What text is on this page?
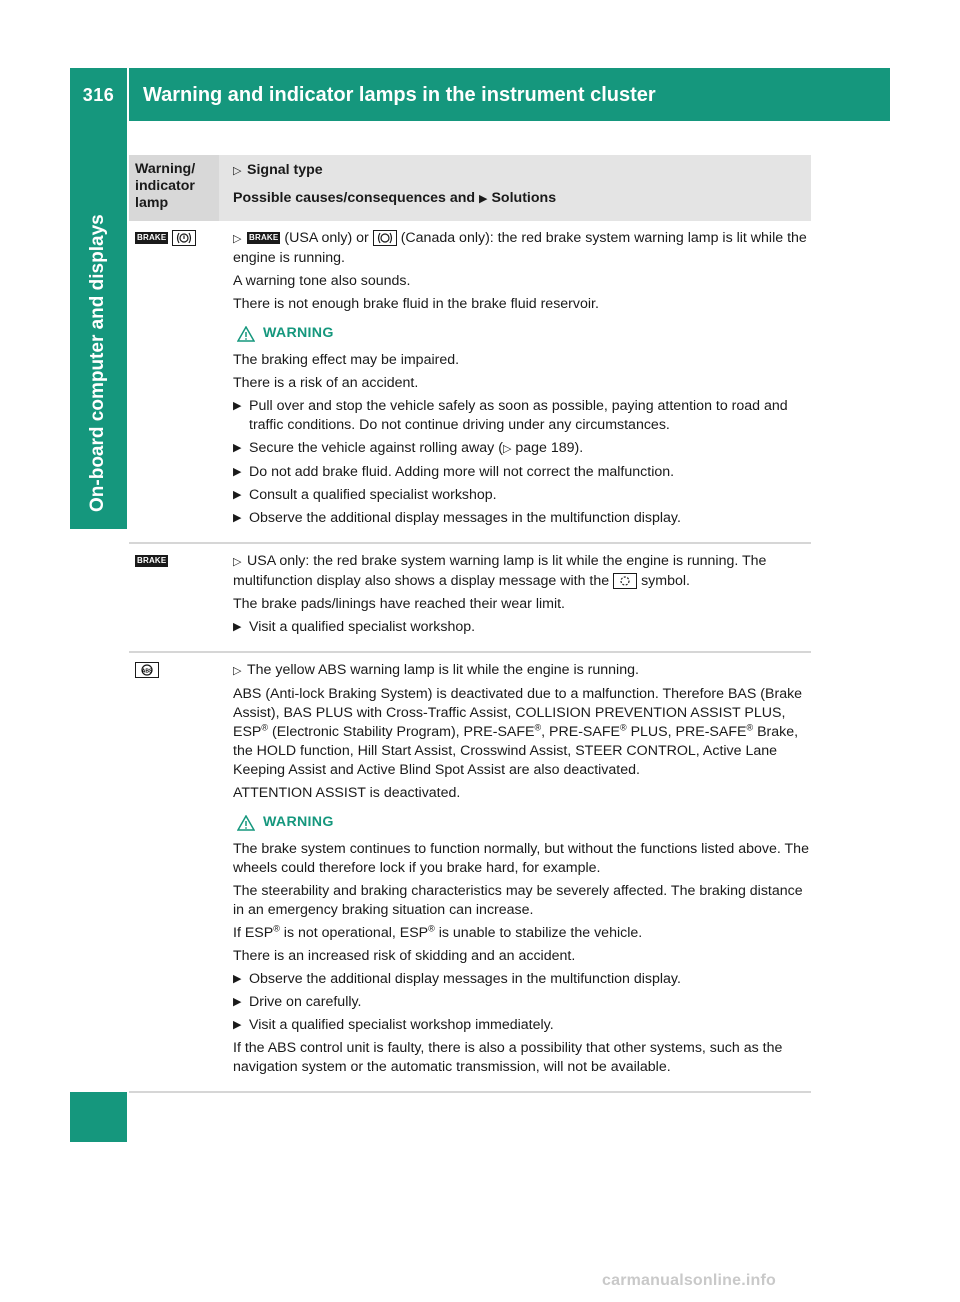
316	Warning and indicator lamps in the instrument cluster
On-board computer and displays
Warning/
indicator
lamp

▷ Signal type

Possible causes/consequences and ▶ Solutions

BRAKE	▷ BRAKE (USA only) or (Canada only): the red brake system warning lamp is lit while the engine is running.

A warning tone also sounds.

There is not enough brake fluid in the brake fluid reservoir.

WARNING

The braking effect may be impaired.

There is a risk of an accident.

▶ Pull over and stop the vehicle safely as soon as possible, paying attention to road and traffic conditions. Do not continue driving under any circumstances.
▶ Secure the vehicle against rolling away (▷ page 189).
▶ Do not add brake fluid. Adding more will not correct the malfunction.
▶ Consult a qualified specialist workshop.
▶ Observe the additional display messages in the multifunction display.
BRAKE	▷ USA only: the red brake system warning lamp is lit while the engine is running. The multifunction display also shows a display message with the symbol.

The brake pads/linings have reached their wear limit.

▶ Visit a qualified specialist workshop.
ABS	▷ The yellow ABS warning lamp is lit while the engine is running.

ABS (Anti-lock Braking System) is deactivated due to a malfunction. Therefore BAS (Brake Assist), BAS PLUS with Cross-Traffic Assist, COLLISION PREVENTION ASSIST PLUS, ESP® (Electronic Stability Program), PRE-SAFE®, PRE-SAFE® PLUS, PRE-SAFE® Brake, the HOLD function, Hill Start Assist, Crosswind Assist, STEER CONTROL, Active Lane Keeping Assist and Active Blind Spot Assist are also deactivated.

ATTENTION ASSIST is deactivated.

WARNING

The brake system continues to function normally, but without the functions listed above. The wheels could therefore lock if you brake hard, for example.

The steerability and braking characteristics may be severely affected. The braking distance in an emergency braking situation can increase.

If ESP® is not operational, ESP® is unable to stabilize the vehicle.

There is an increased risk of skidding and an accident.

▶ Observe the additional display messages in the multifunction display.
▶ Drive on carefully.
▶ Visit a qualified specialist workshop immediately.

If the ABS control unit is faulty, there is also a possibility that other systems, such as the navigation system or the automatic transmission, will not be available.

carmanualsonline.info
